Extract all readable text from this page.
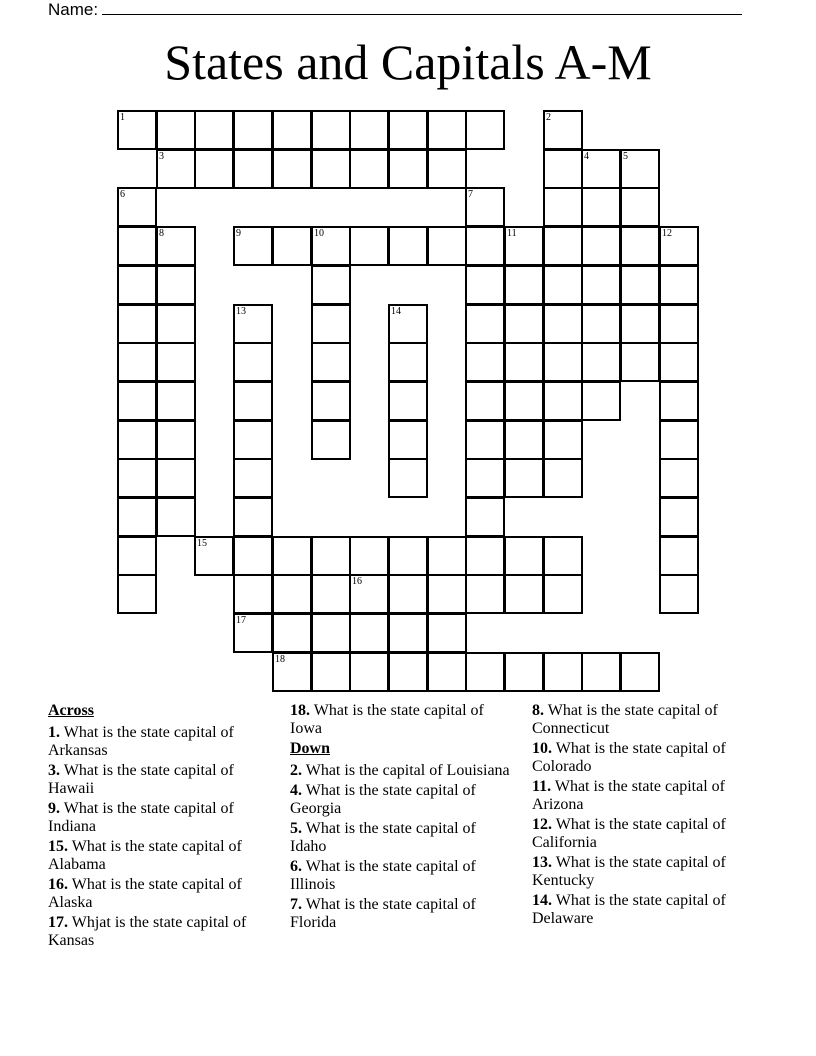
Name:
States and Capitals A-M
1	2
3	4	5
6	7
8	9	10	11	12
13	14
15
16
17
18
Across
1. What is the state capital of Arkansas
3. What is the state capital of Hawaii
9. What is the state capital of Indiana
15. What is the state capital of Alabama
16. What is the state capital of Alaska
17. Whjat is the state capital of Kansas
18. What is the state capital of Iowa
Down
2. What is the capital of Louisiana
4. What is the state capital of Georgia
5. What is the state capital of Idaho
6. What is the state capital of Illinois
7. What is the state capital of Florida
8. What is the state capital of Connecticut
10. What is the state capital of Colorado
11. What is the state capital of Arizona
12. What is the state capital of California
13. What is the state capital of Kentucky
14. What is the state capital of Delaware
